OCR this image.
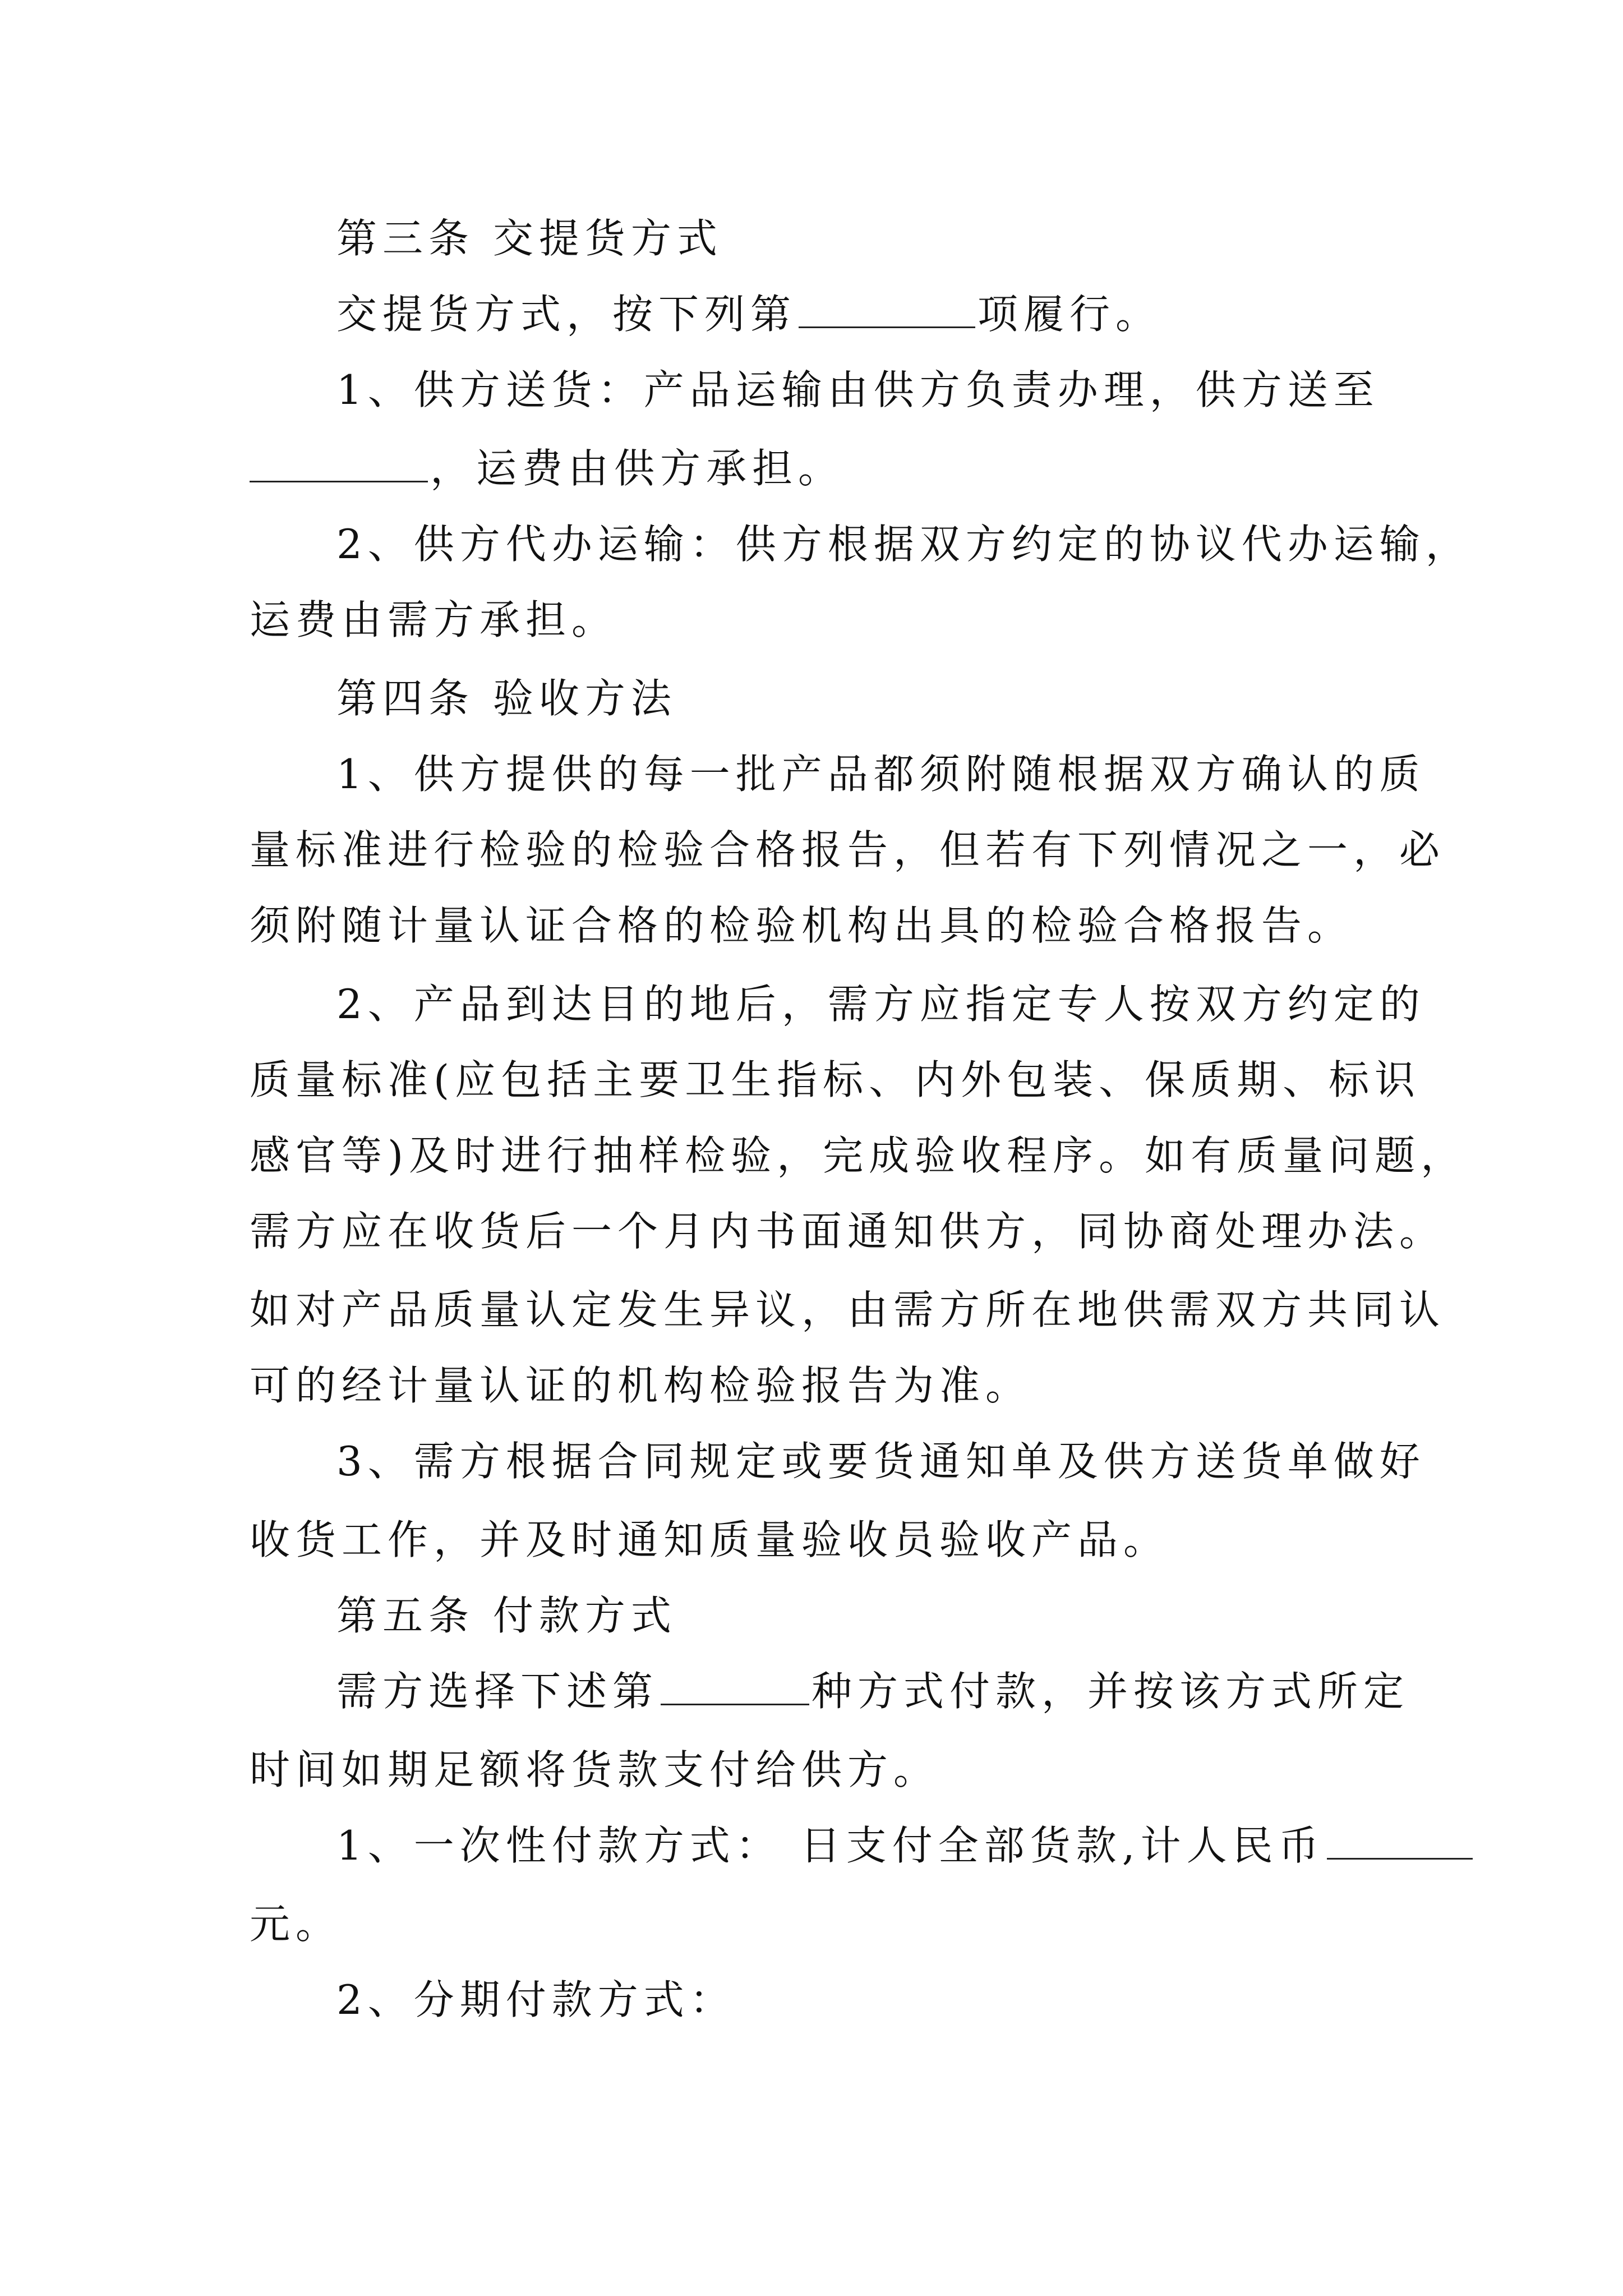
第三条 交提货方式
交提货方式，按下列第	项履行。
1、供方送货：产品运输由供方负责办理，供方送至
，运费由供方承担。
2、供方代办运输：供方根据双方约定的协议代办运输，
运费由需方承担。
第四条 验收方法
1、供方提供的每一批产品都须附随根据双方确认的质
量标准进行检验的检验合格报告，但若有下列情况之一，必
须附随计量认证合格的检验机构出具的检验合格报告。
2、产品到达目的地后，需方应指定专人按双方约定的
质量标准(应包括主要卫生指标、内外包装、保质期、标识
感官等)及时进行抽样检验，完成验收程序。如有质量问题，
需方应在收货后一个月内书面通知供方，同协商处理办法。
如对产品质量认定发生异议，由需方所在地供需双方共同认
可的经计量认证的机构检验报告为准。
3、需方根据合同规定或要货通知单及供方送货单做好
收货工作，并及时通知质量验收员验收产品。
第五条 付款方式
需方选择下述第	种方式付款，并按该方式所定
时间如期足额将货款支付给供方。
1、一次性付款方式： 日支付全部货款,计人民币
元。
2、分期付款方式：
